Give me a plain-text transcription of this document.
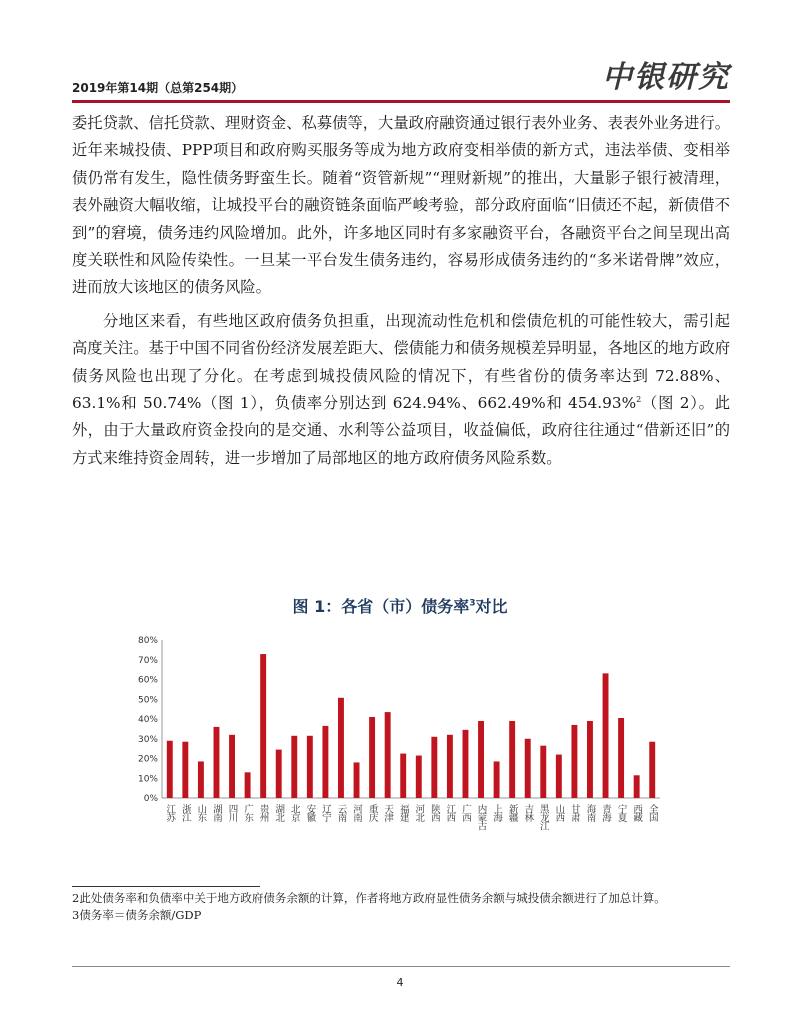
2019年第14期（总第254期）	中银研究

委托贷款、信托贷款、理财资金、私募债等，大量政府融资通过银行表外业务、表表外业务进行。近年来城投债、PPP项目和政府购买服务等成为地方政府变相举债的新方式，违法举债、变相举债仍常有发生，隐性债务野蛮生长。随着“资管新规”“理财新规”的推出，大量影子银行被清理，表外融资大幅收缩，让城投平台的融资链条面临严峻考验，部分政府面临“旧债还不起，新债借不到”的窘境，债务违约风险增加。此外，许多地区同时有多家融资平台，各融资平台之间呈现出高度关联性和风险传染性。一旦某一平台发生债务违约，容易形成债务违约的“多米诺骨牌”效应，进而放大该地区的债务风险。

分地区来看，有些地区政府债务负担重，出现流动性危机和偿债危机的可能性较大，需引起高度关注。基于中国不同省份经济发展差距大、偿债能力和债务规模差异明显，各地区的地方政府债务风险也出现了分化。在考虑到城投债风险的情况下，有些省份的债务率达到 72.88%、63.1%和 50.74%（图 1），负债率分别达到 624.94%、662.49%和 454.93%$^2$（图 2）。此外，由于大量政府资金投向的是交通、水利等公益项目，收益偏低，政府往往通过“借新还旧”的方式来维持资金周转，进一步增加了局部地区的地方政府债务风险系数。

图 1：各省（市）债务率$^3$对比
0%
10%
20%
30%
40%
50%
60%
70%
80%
江苏 浙江 山东 湖南 四川 广东 贵州 湖北 北京 安徽 辽宁 云南 河南 重庆 天津 福建 河北 陕西 江西 广西 内蒙古 上海 新疆 吉林 黑龙江 山西 甘肃 海南 青海 宁夏 西藏 全国

2此处债务率和负债率中关于地方政府债务余额的计算，作者将地方政府显性债务余额与城投债余额进行了加总计算。

3债务率＝债务余额/GDP

4
